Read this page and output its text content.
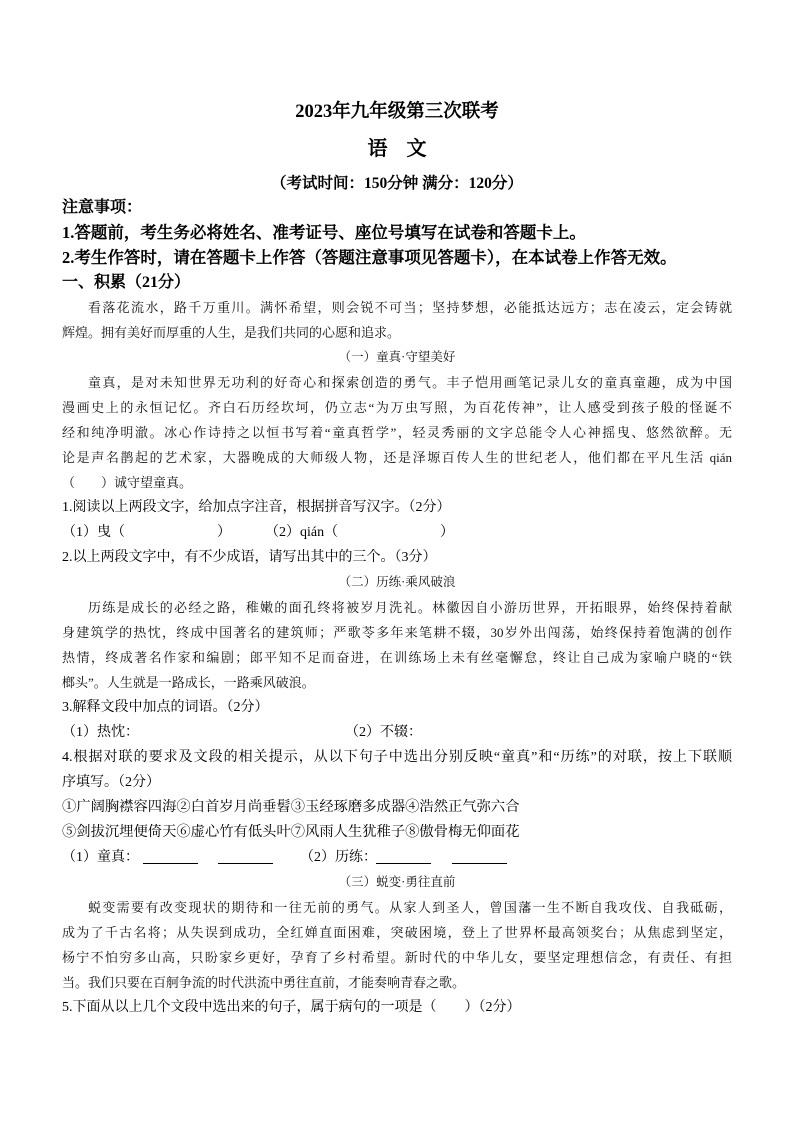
2023年九年级第三次联考
语 文
（考试时间：150分钟 满分：120分）
注意事项：
1.答题前，考生务必将姓名、准考证号、座位号填写在试卷和答题卡上。
2.考生作答时，请在答题卡上作答（答题注意事项见答题卡），在本试卷上作答无效。
一、积累（21分）
看落花流水，路千万重川。满怀希望，则会锐不可当；坚持梦想，必能抵达远方；志在凌云，定会铸就
辉煌。拥有美好而厚重的人生，是我们共同的心愿和追求。
（一）童真·守望美好
童真，是对未知世界无功利的好奇心和探索创造的勇气。丰子恺用画笔记录儿女的童真童趣，成为中国
漫画史上的永恒记忆。齐白石历经坎坷，仍立志“为万虫写照，为百花传神”，让人感受到孩子般的怪诞不
经和纯净明澈。冰心作诗持之以恒书写着“童真哲学”，轻灵秀丽的文字总能令人心神摇曳、悠然欲醉。无
论是声名鹊起的艺术家，大器晚成的大师级人物，还是泽塬百传人生的世纪老人，他们都在平凡生活 qián
（　　）诚守望童真。
1.阅读以上两段文字，给加点字注音，根据拼音写汉字。（2分）

（1）曳（

	）

（2）qián（

	）

2.以上两段文字中，有不少成语，请写出其中的三个。（3分）
（二）历练·乘风破浪
历练是成长的必经之路，稚嫩的面孔终将被岁月洗礼。林徽因自小游历世界，开拓眼界，始终保持着献
身建筑学的热忱，终成中国著名的建筑师；严歌苓多年来笔耕不辍，30岁外出闯荡，始终保持着饱满的创作
热情，终成著名作家和编剧；郎平知不足而奋进，在训练场上未有丝毫懈怠，终让自己成为家喻户晓的“铁
榔头”。人生就是一路成长，一路乘风破浪。
3.解释文段中加点的词语。（2分）

（1）热忱：

	（2）不辍：

4.根据对联的要求及文段的相关提示，从以下句子中选出分别反映“童真”和“历练”的对联，按上下联顺
序填写。（2分）
①广阔胸襟容四海②白首岁月尚垂髫③玉经琢磨多成器④浩然正气弥六合
⑤剑拔沉埋便倚天⑥虚心竹有低头叶⑦风雨人生犹稚子⑧傲骨梅无仰面花

（1）童真：

	（2）历练：

（三）蜕变·勇往直前
蜕变需要有改变现状的期待和一往无前的勇气。从家人到圣人，曾国藩一生不断自我攻伐、自我砥砺，
成为了千古名将；从失误到成功，全红婵直面困难，突破困境，登上了世界杯最高领奖台；从焦虑到坚定，
杨宁不怕穷多山高，只盼家乡更好，孕育了乡村希望。新时代的中华儿女，要坚定理想信念，有责任、有担
当。我们只要在百舸争流的时代洪流中勇往直前，才能奏响青春之歌。
5.下面从以上几个文段中选出来的句子，属于病句的一项是（　　）（2分）
